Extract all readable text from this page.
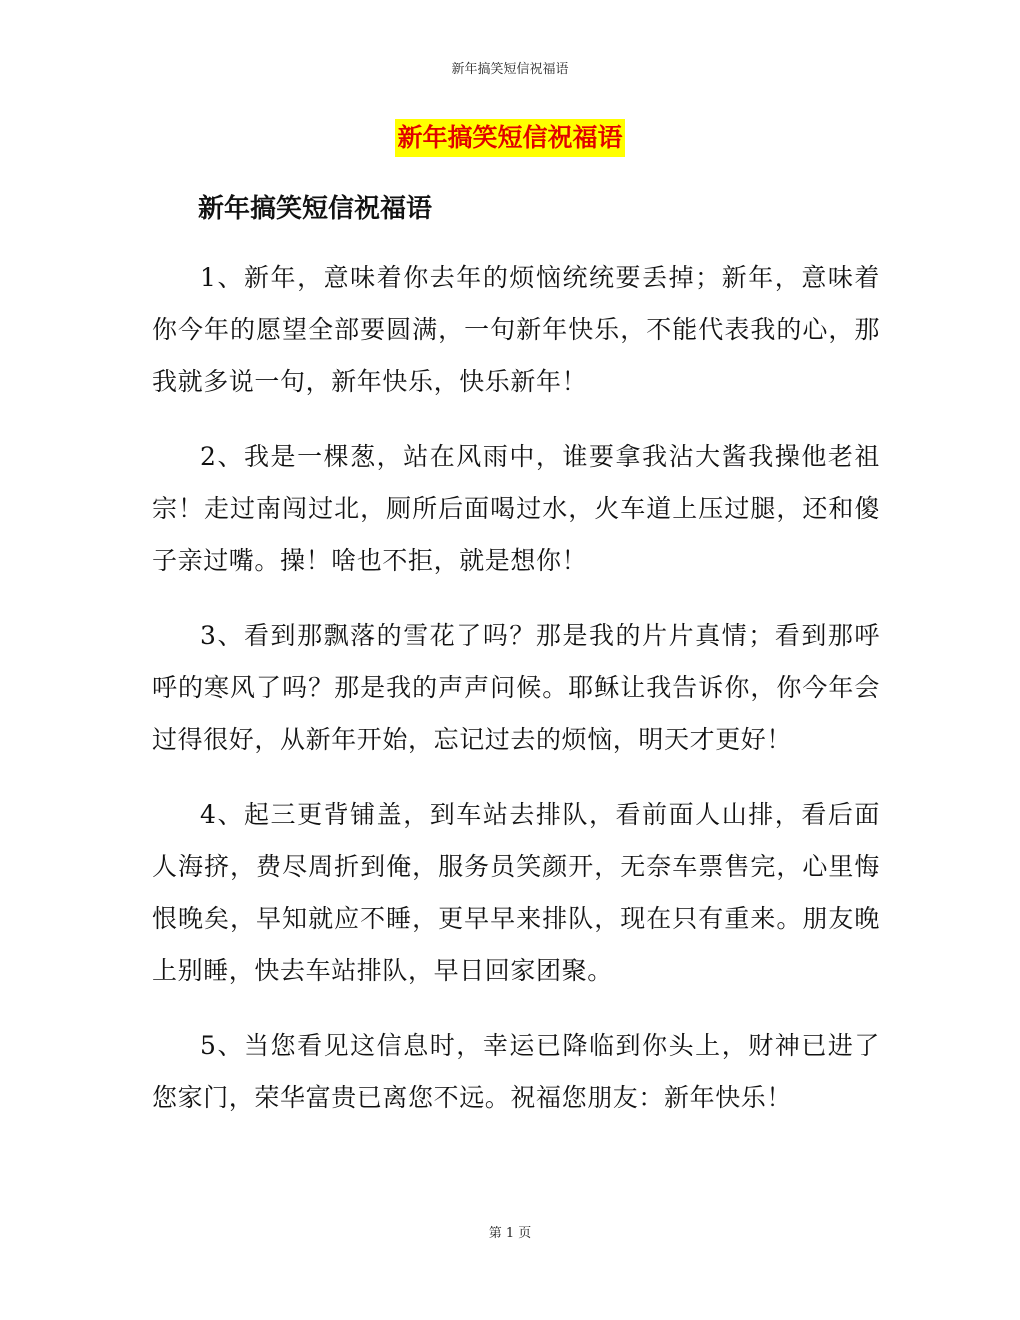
新年搞笑短信祝福语
新年搞笑短信祝福语
新年搞笑短信祝福语

1、新年，意味着你去年的烦恼统统要丢掉；新年，意味着你今年的愿望全部要圆满，一句新年快乐，不能代表我的心，那我就多说一句，新年快乐，快乐新年！

2、我是一棵葱，站在风雨中，谁要拿我沾大酱我操他老祖宗！走过南闯过北，厕所后面喝过水，火车道上压过腿，还和傻子亲过嘴。操！啥也不拒，就是想你！

3、看到那飘落的雪花了吗？那是我的片片真情；看到那呼呼的寒风了吗？那是我的声声问候。耶稣让我告诉你，你今年会过得很好，从新年开始，忘记过去的烦恼，明天才更好！

4、起三更背铺盖，到车站去排队，看前面人山排，看后面人海挤，费尽周折到俺，服务员笑颜开，无奈车票售完，心里悔恨晚矣，早知就应不睡，更早早来排队，现在只有重来。朋友晚上别睡，快去车站排队，早日回家团聚。

5、当您看见这信息时，幸运已降临到你头上，财神已进了您家门，荣华富贵已离您不远。祝福您朋友：新年快乐！

第 1 页
